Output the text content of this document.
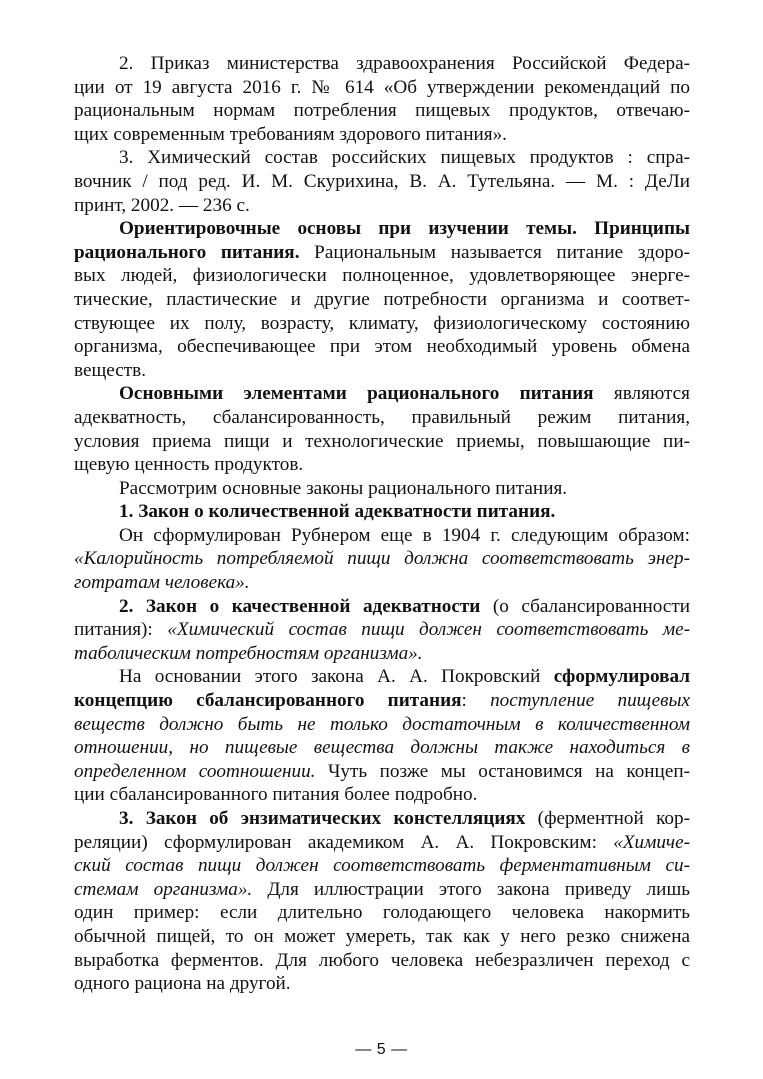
2. Приказ министерства здравоохранения Российской Федера-
ции от 19 августа 2016 г. № 614 «Об утверждении рекомендаций по
рациональным нормам потребления пищевых продуктов, отвечаю-
щих современным требованиям здорового питания».
3. Химический состав российских пищевых продуктов : спра-
вочник / под ред. И. М. Скурихина, В. А. Тутельяна. — М. : ДеЛи
принт, 2002. — 236 с.
Ориентировочные основы при изучении темы. Принципы
рационального питания. Рациональным называется питание здоро-
вых людей, физиологически полноценное, удовлетворяющее энерге-
тические, пластические и другие потребности организма и соответ-
ствующее их полу, возрасту, климату, физиологическому состоянию
организма, обеспечивающее при этом необходимый уровень обмена
веществ.
Основными элементами рационального питания являются
адекватность, сбалансированность, правильный режим питания,
условия приема пищи и технологические приемы, повышающие пи-
щевую ценность продуктов.
Рассмотрим основные законы рационального питания.
1. Закон о количественной адекватности питания.
Он сформулирован Рубнером еще в 1904 г. следующим образом:
«Калорийность потребляемой пищи должна соответствовать энер-
готратам человека».
2. Закон о качественной адекватности (о сбалансированности
питания): «Химический состав пищи должен соответствовать ме-
таболическим потребностям организма».
На основании этого закона А. А. Покровский сформулировал
концепцию сбалансированного питания: поступление пищевых
веществ должно быть не только достаточным в количественном
отношении, но пищевые вещества должны также находиться в
определенном соотношении. Чуть позже мы остановимся на концеп-
ции сбалансированного питания более подробно.
3. Закон об энзиматических констелляциях (ферментной кор-
реляции) сформулирован академиком А. А. Покровским: «Химиче-
ский состав пищи должен соответствовать ферментативным си-
стемам организма». Для иллюстрации этого закона приведу лишь
один пример: если длительно голодающего человека накормить
обычной пищей, то он может умереть, так как у него резко снижена
выработка ферментов. Для любого человека небезразличен переход с
одного рациона на другой.
— 5 —
